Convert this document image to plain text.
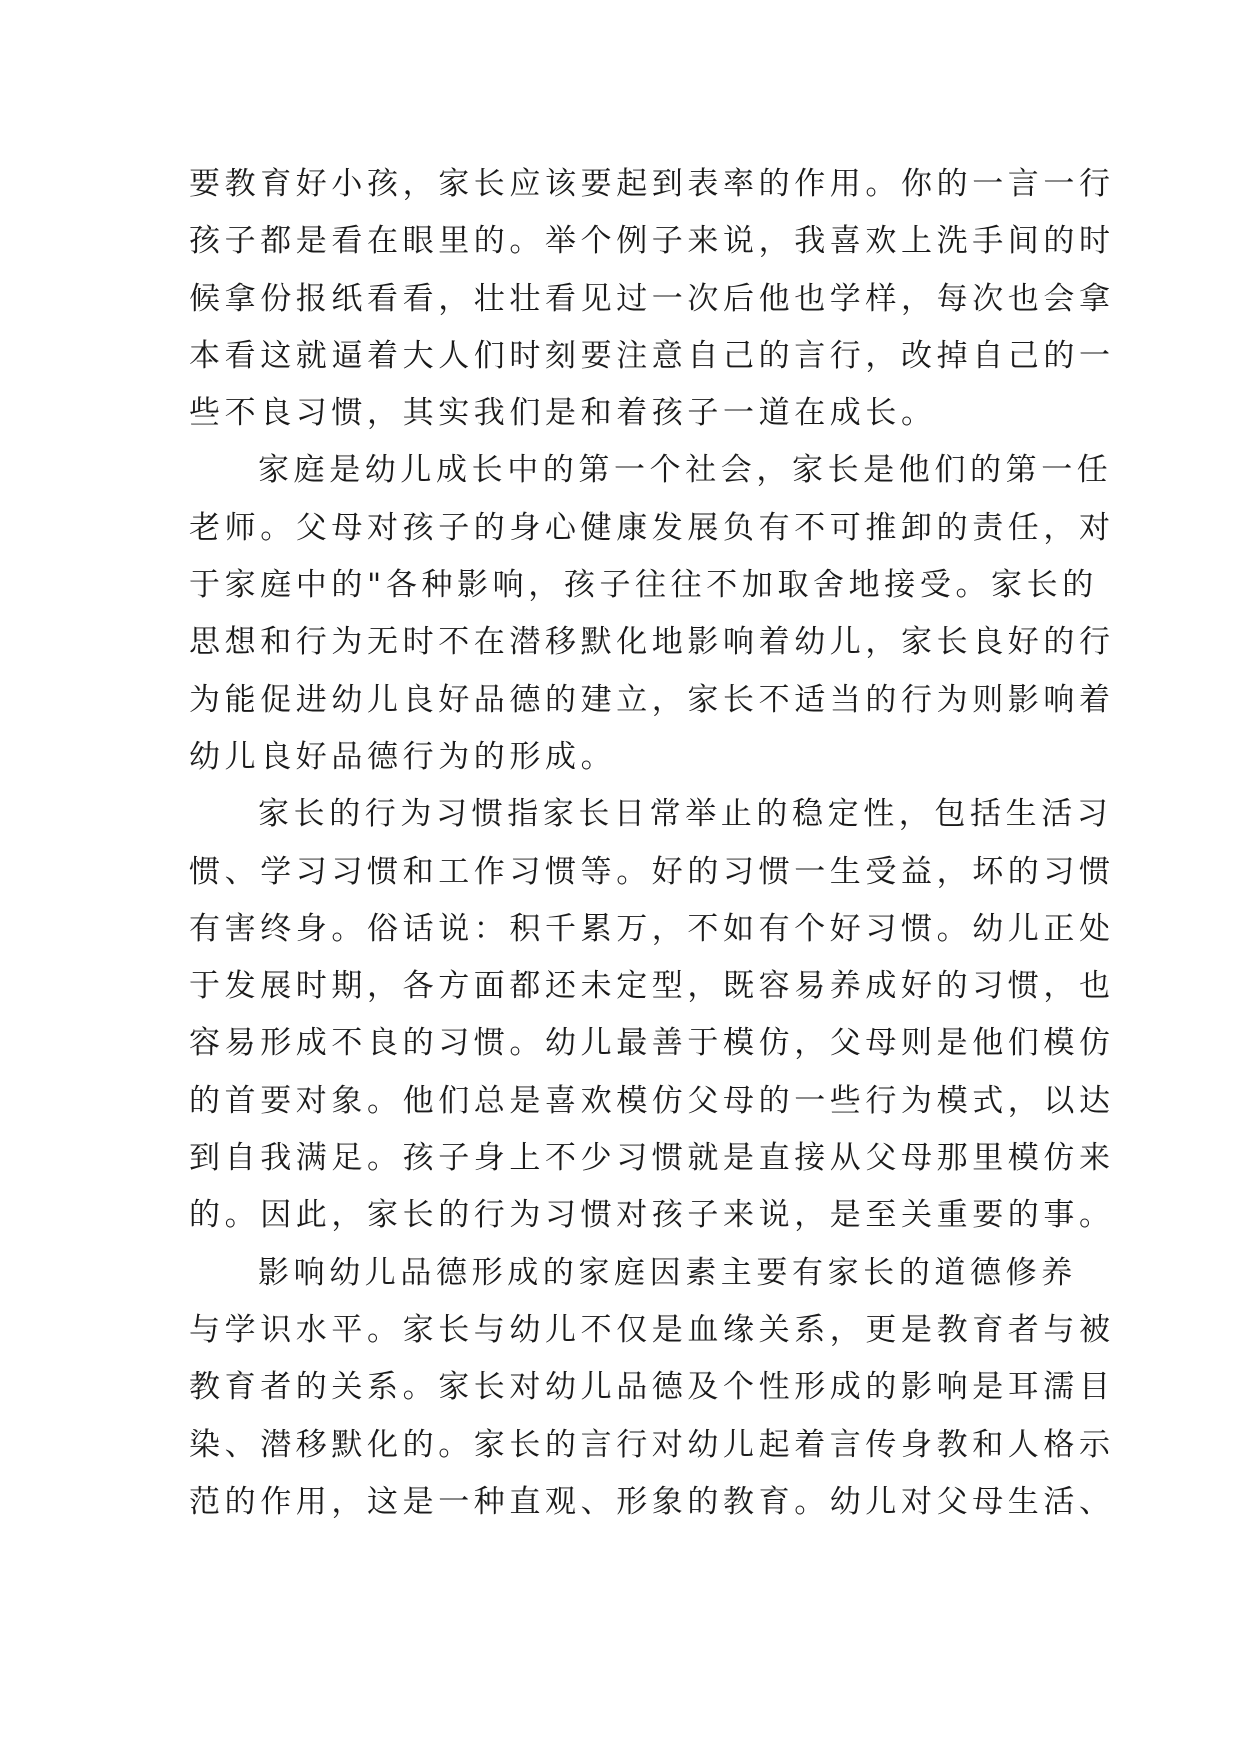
要教育好小孩，家长应该要起到表率的作用。你的一言一行
孩子都是看在眼里的。举个例子来说，我喜欢上洗手间的时
候拿份报纸看看，壮壮看见过一次后他也学样，每次也会拿
本看这就逼着大人们时刻要注意自己的言行，改掉自己的一
些不良习惯，其实我们是和着孩子一道在成长。
家庭是幼儿成长中的第一个社会，家长是他们的第一任
老师。父母对孩子的身心健康发展负有不可推卸的责任，对
于家庭中的"各种影响，孩子往往不加取舍地接受。家长的
思想和行为无时不在潜移默化地影响着幼儿，家长良好的行
为能促进幼儿良好品德的建立，家长不适当的行为则影响着
幼儿良好品德行为的形成。
家长的行为习惯指家长日常举止的稳定性，包括生活习
惯、学习习惯和工作习惯等。好的习惯一生受益，坏的习惯
有害终身。俗话说：积千累万，不如有个好习惯。幼儿正处
于发展时期，各方面都还未定型，既容易养成好的习惯，也
容易形成不良的习惯。幼儿最善于模仿，父母则是他们模仿
的首要对象。他们总是喜欢模仿父母的一些行为模式，以达
到自我满足。孩子身上不少习惯就是直接从父母那里模仿来
的。因此，家长的行为习惯对孩子来说，是至关重要的事。
影响幼儿品德形成的家庭因素主要有家长的道德修养
与学识水平。家长与幼儿不仅是血缘关系，更是教育者与被
教育者的关系。家长对幼儿品德及个性形成的影响是耳濡目
染、潜移默化的。家长的言行对幼儿起着言传身教和人格示
范的作用，这是一种直观、形象的教育。幼儿对父母生活、
